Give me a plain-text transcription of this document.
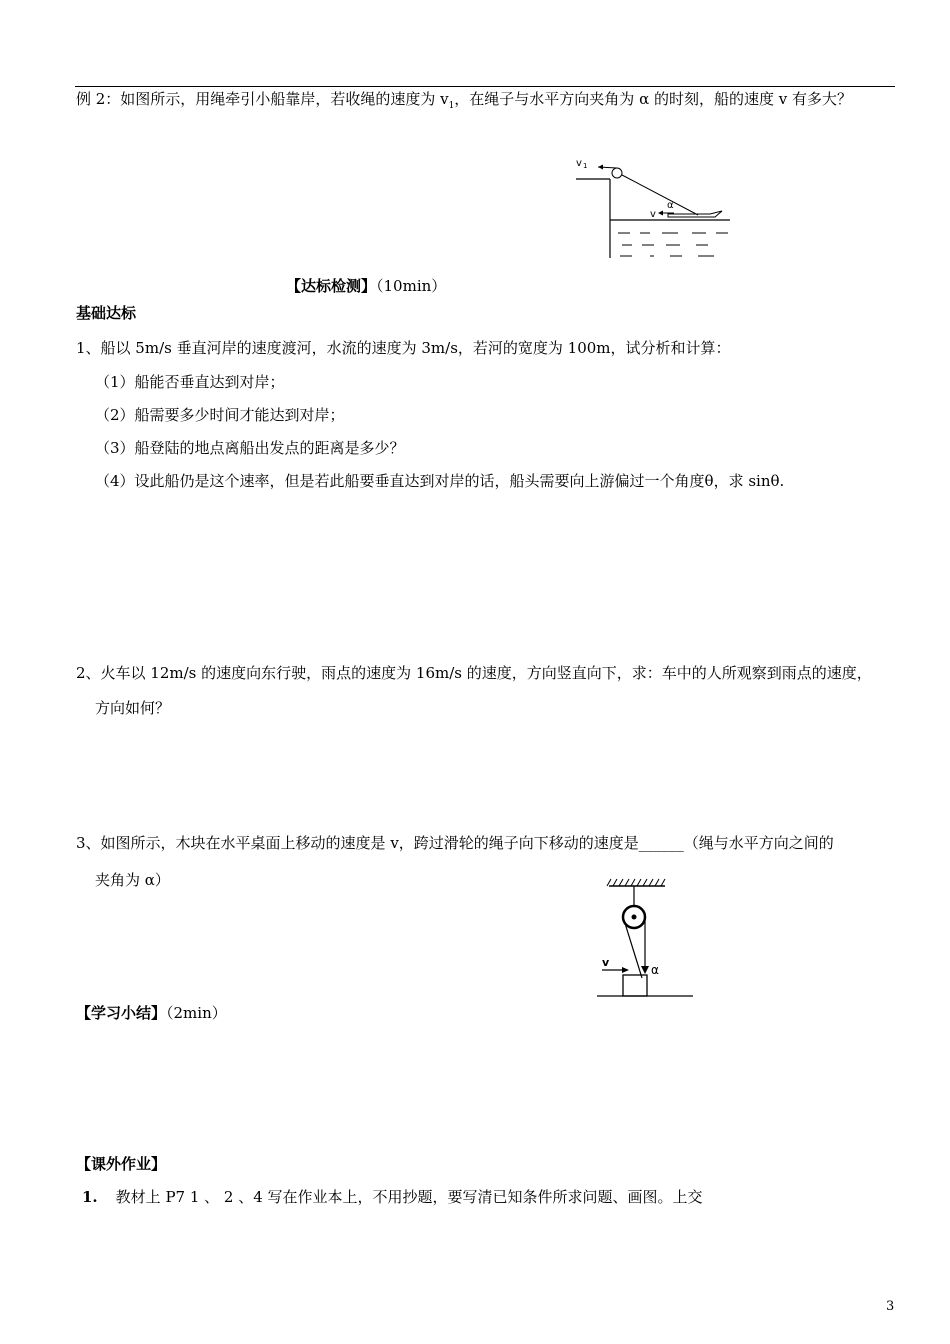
例 2：如图所示，用绳牵引小船靠岸，若收绳的速度为 $v_1$，在绳子与水平方向夹角为 α 的时刻，船的速度 v 有多大？
v 1
α
v
【达标检测】（10min）
基础达标
1、船以 5m/s 垂直河岸的速度渡河，水流的速度为 3m/s，若河的宽度为 100m，试分析和计算：
（1）船能否垂直达到对岸；
（2）船需要多少时间才能达到对岸；
（3）船登陆的地点离船出发点的距离是多少？
（4）设此船仍是这个速率，但是若此船要垂直达到对岸的话，船头需要向上游偏过一个角度θ，求 sinθ.
2、火车以 12m/s 的速度向东行驶，雨点的速度为 16m/s 的速度，方向竖直向下，求：车中的人所观察到雨点的速度，
方向如何？
3、如图所示，木块在水平桌面上移动的速度是 v，跨过滑轮的绳子向下移动的速度是______（绳与水平方向之间的
夹角为 α）
v
α
【学习小结】（2min）
【课外作业】
1. 教材上 P7 1 、 2 、4 写在作业本上，不用抄题，要写清已知条件所求问题、画图。上交
3
